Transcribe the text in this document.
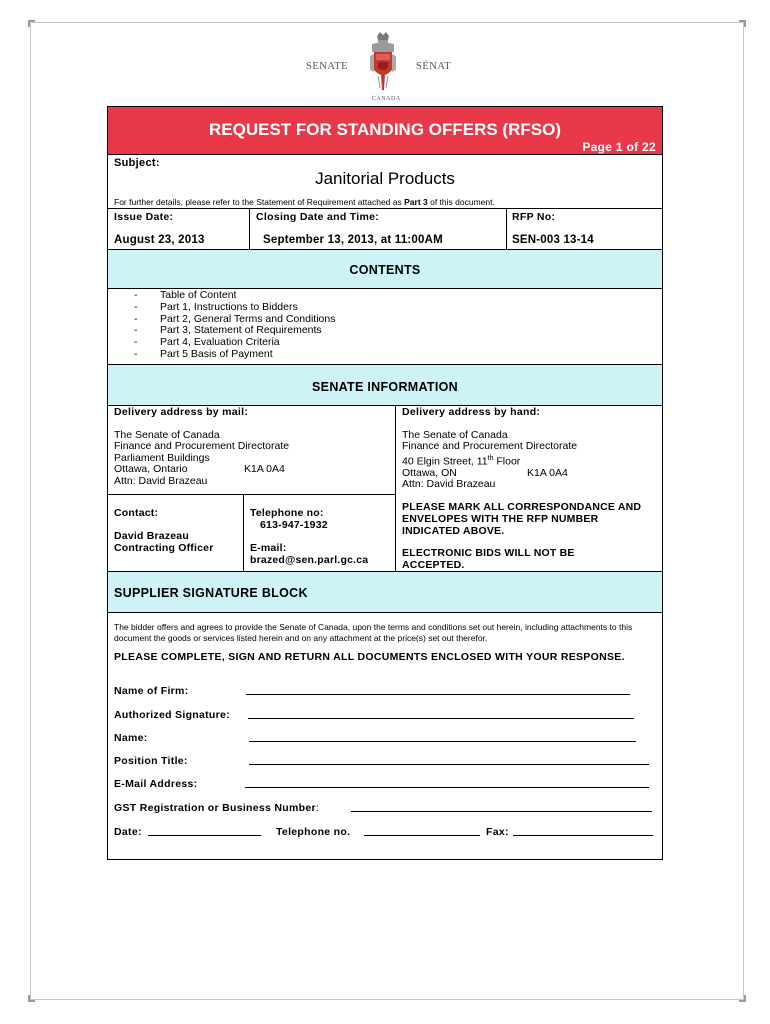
SENATE	SÉNAT
CANADA
REQUEST FOR STANDING OFFERS (RFSO)
Page 1 of 22
Subject:
Janitorial Products
For further details, please refer to the Statement of Requirement attached as Part 3 of this document.
Issue Date:	Closing Date and Time:	RFP No:
August 23, 2013	September 13, 2013, at 11:00AM	SEN-003 13-14
CONTENTS
- Table of Content
- Part 1, Instructions to Bidders
- Part 2, General Terms and Conditions
- Part 3, Statement of Requirements
- Part 4, Evaluation Criteria
- Part 5 Basis of Payment
SENATE INFORMATION
Delivery address by mail:
The Senate of Canada
Finance and Procurement Directorate
Parliament Buildings
Ottawa, Ontario	K1A 0A4
Attn: David Brazeau
Delivery address by hand:
The Senate of Canada
Finance and Procurement Directorate
40 Elgin Street, 11th Floor
Ottawa, ON	K1A 0A4
Attn: David Brazeau
Contact:
David Brazeau
Contracting Officer
Telephone no:
613-947-1932
E-mail:
brazed@sen.parl.gc.ca
PLEASE MARK ALL CORRESPONDANCE AND ENVELOPES WITH THE RFP NUMBER INDICATED ABOVE.
ELECTRONIC BIDS WILL NOT BE ACCEPTED.
SUPPLIER SIGNATURE BLOCK
The bidder offers and agrees to provide the Senate of Canada, upon the terms and conditions set out herein, including attachments to this document the goods or services listed herein and on any attachment at the price(s) set out therefor.
PLEASE COMPLETE, SIGN AND RETURN ALL DOCUMENTS ENCLOSED WITH YOUR RESPONSE.
Name of Firm:
Authorized Signature:
Name:
Position Title:
E-Mail Address:
GST Registration or Business Number:
Date:	Telephone no.	Fax:
